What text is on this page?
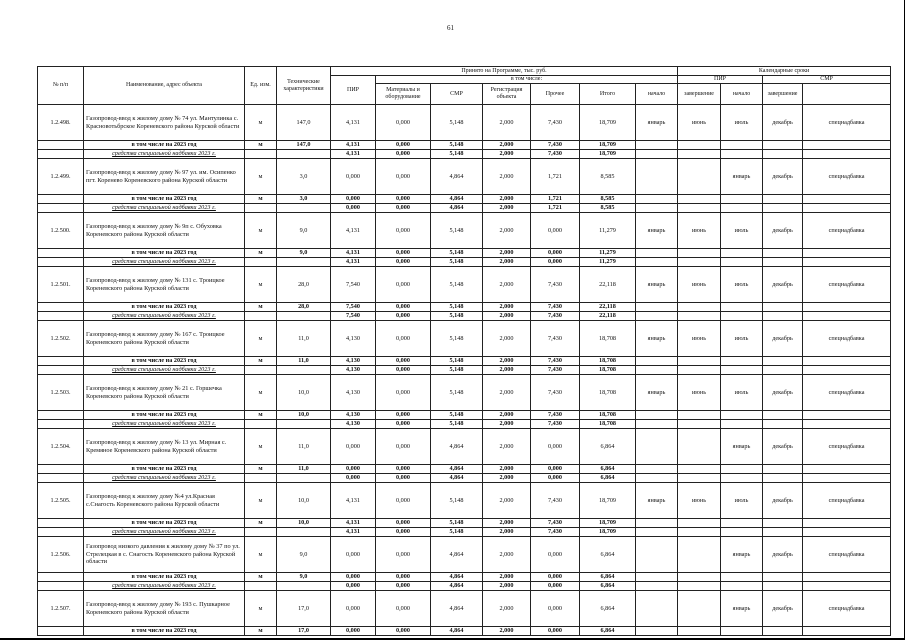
61
№ п/п	Наименование, адрес объекта	Ед. изм.	Технические характеристики	Принято на Программе, тыс. руб.							Календарные сроки	
				ПИР	в том числе:						ПИР		СМР		
					Материалы и оборудование	СМР	Регистрация объекта	Прочее	Итого	начало	завершение	начало	завершение		
1.2.498.	Газопровод-ввод к жилому дому № 74 ул. Мантулинка с. Красновотьбрское Кореневского района Курской области	м	147,0	4,131	0,000	5,148	2,000	7,430	18,709	январь	июнь	июль	декабрь	спецнадбавка	
	в том числе на 2023 год	м	147,0	4,131	0,000	5,148	2,000	7,430	18,709						
	средства специальной надбавки 2023 г.			4,131	0,000	5,148	2,000	7,430	18,709						
1.2.499.	Газопровод-ввод к жилому дому № 97 ул. им. Осипенко пгт. Коренево Кореневского района Курской области	м	3,0	0,000	0,000	4,864	2,000	1,721	8,585			январь	декабрь	спецнадбавка	
	в том числе на 2023 год	м	3,0	0,000	0,000	4,864	2,000	1,721	8,585						
	средства специальной надбавки 2023 г.			0,000	0,000	4,864	2,000	1,721	8,585						
1.2.500.	Газопровод-ввод к жилому дому № 9п с. Обуховка Кореневского района Курской области	м	9,0	4,131	0,000	5,148	2,000	0,000	11,279	январь	июнь	июль	декабрь	спецнадбавка	
	в том числе на 2023 год	м	9,0	4,131	0,000	5,148	2,000	0,000	11,279						
	средства специальной надбавки 2023 г.			4,131	0,000	5,148	2,000	0,000	11,279						
1.2.501.	Газопровод-ввод к жилому дому № 131 с. Троицкое Кореневского района Курской области	м	28,0	7,540	0,000	5,148	2,000	7,430	22,118	январь	июнь	июль	декабрь	спецнадбавка	
	в том числе на 2023 год	м	28,0	7,540	0,000	5,148	2,000	7,430	22,118						
	средства специальной надбавки 2023 г.			7,540	0,000	5,148	2,000	7,430	22,118						
1.2.502.	Газопровод-ввод к жилому дому № 167 с. Троицкое Кореневского района Курской области	м	11,0	4,130	0,000	5,148	2,000	7,430	18,708	январь	июнь	июль	декабрь	спецнадбавка	
	в том числе на 2023 год	м	11,0	4,130	0,000	5,148	2,000	7,430	18,708						
	средства специальной надбавки 2023 г.			4,130	0,000	5,148	2,000	7,430	18,708						
1.2.503.	Газопровод-ввод к жилому дому № 21 с. Горшечка Кореневского района Курской области	м	10,0	4,130	0,000	5,148	2,000	7,430	18,708	январь	июнь	июль	декабрь	спецнадбавка	
	в том числе на 2023 год	м	10,0	4,130	0,000	5,148	2,000	7,430	18,708						
	средства специальной надбавки 2023 г.			4,130	0,000	5,148	2,000	7,430	18,708						
1.2.504.	Газопровод-ввод к жилому дому № 13 ул. Мирная с. Кремяное Кореневского района Курской области	м	11,0	0,000	0,000	4,864	2,000	0,000	6,864			январь	декабрь	спецнадбавка	
	в том числе на 2023 год	м	11,0	0,000	0,000	4,864	2,000	0,000	6,864						
	средства специальной надбавки 2023 г.			0,000	0,000	4,864	2,000	0,000	6,864						
1.2.505.	Газопровод-ввод к жилому дому №4 ул.Красная с.Снагость Кореневского района Курской области	м	10,0	4,131	0,000	5,148	2,000	7,430	18,709	январь	июнь	июль	декабрь	спецнадбавка	
	в том числе на 2023 год	м	10,0	4,131	0,000	5,148	2,000	7,430	18,709						
	средства специальной надбавки 2023 г.			4,131	0,000	5,148	2,000	7,430	18,709						
1.2.506.	Газопровод низкого давления к жилому дому № 37 по ул. Стрелецкая в с. Снагость Кореневского района Курской области	м	9,0	0,000	0,000	4,864	2,000	0,000	6,864			январь	декабрь	спецнадбавка	
	в том числе на 2023 год	м	9,0	0,000	0,000	4,864	2,000	0,000	6,864						
	средства специальной надбавки 2023 г.			0,000	0,000	4,864	2,000	0,000	6,864						
1.2.507.	Газопровод-ввод к жилому дому № 193 с. Пушкарное Кореневского района Курской области	м	17,0	0,000	0,000	4,864	2,000	0,000	6,864			январь	декабрь	спецнадбавка	
	в том числе на 2023 год	м	17,0	0,000	0,000	4,864	2,000	0,000	6,864						
